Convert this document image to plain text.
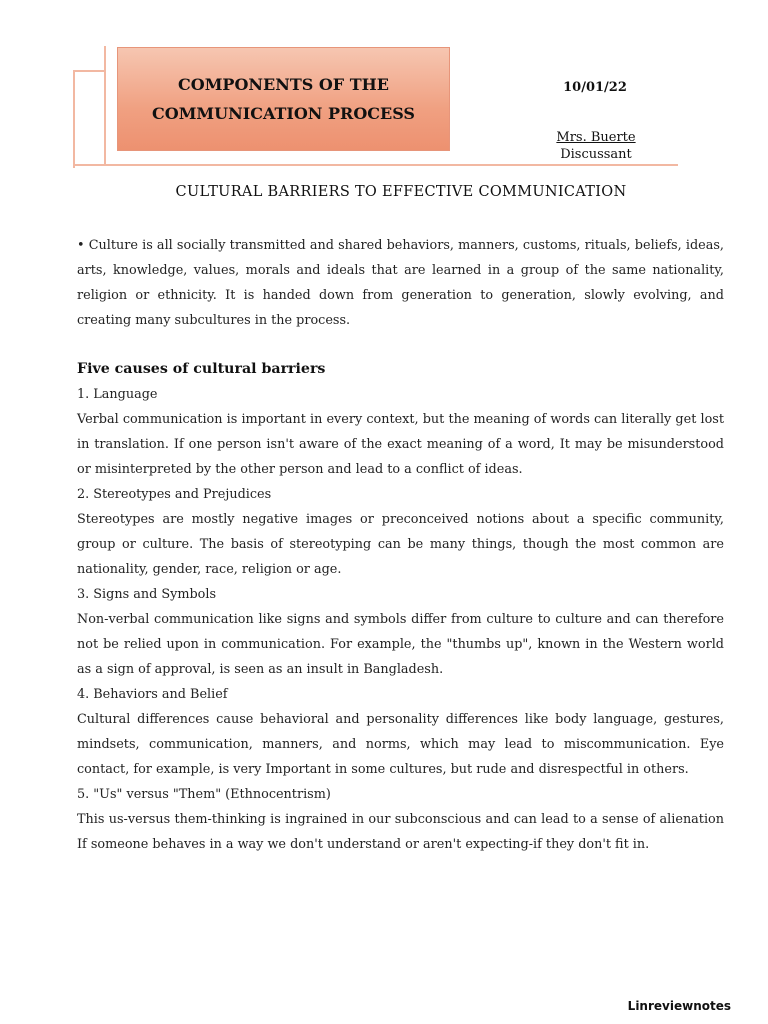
COMPONENTS OF THE
COMMUNICATION PROCESS
10/01/22
Mrs. Buerte
Discussant
CULTURAL BARRIERS TO EFFECTIVE COMMUNICATION

• Culture is all socially transmitted and shared behaviors, manners, customs, rituals, beliefs, ideas, arts, knowledge, values, morals and ideals that are learned in a group of the same nationality, religion or ethnicity. It is handed down from generation to generation, slowly evolving, and creating many subcultures in the process.

Five causes of cultural barriers

1. Language

Verbal communication is important in every context, but the meaning of words can literally get lost in translation. If one person isn't aware of the exact meaning of a word, It may be misunderstood or misinterpreted by the other person and lead to a conflict of ideas.

2. Stereotypes and Prejudices

Stereotypes are mostly negative images or preconceived notions about a specific community, group or culture. The basis of stereotyping can be many things, though the most common are nationality, gender, race, religion or age.

3. Signs and Symbols

Non-verbal communication like signs and symbols differ from culture to culture and can therefore not be relied upon in communication. For example, the "thumbs up", known in the Western world as a sign of approval, is seen as an insult in Bangladesh.

4. Behaviors and Belief

Cultural differences cause behavioral and personality differences like body language, gestures, mindsets, communication, manners, and norms, which may lead to miscommunication. Eye contact, for example, is very Important in some cultures, but rude and disrespectful in others.

5. "Us" versus "Them" (Ethnocentrism)

This us-versus them-thinking is ingrained in our subconscious and can lead to a sense of alienation If someone behaves in a way we don't understand or aren't expecting-if they don't fit in.

Linreviewnotes
